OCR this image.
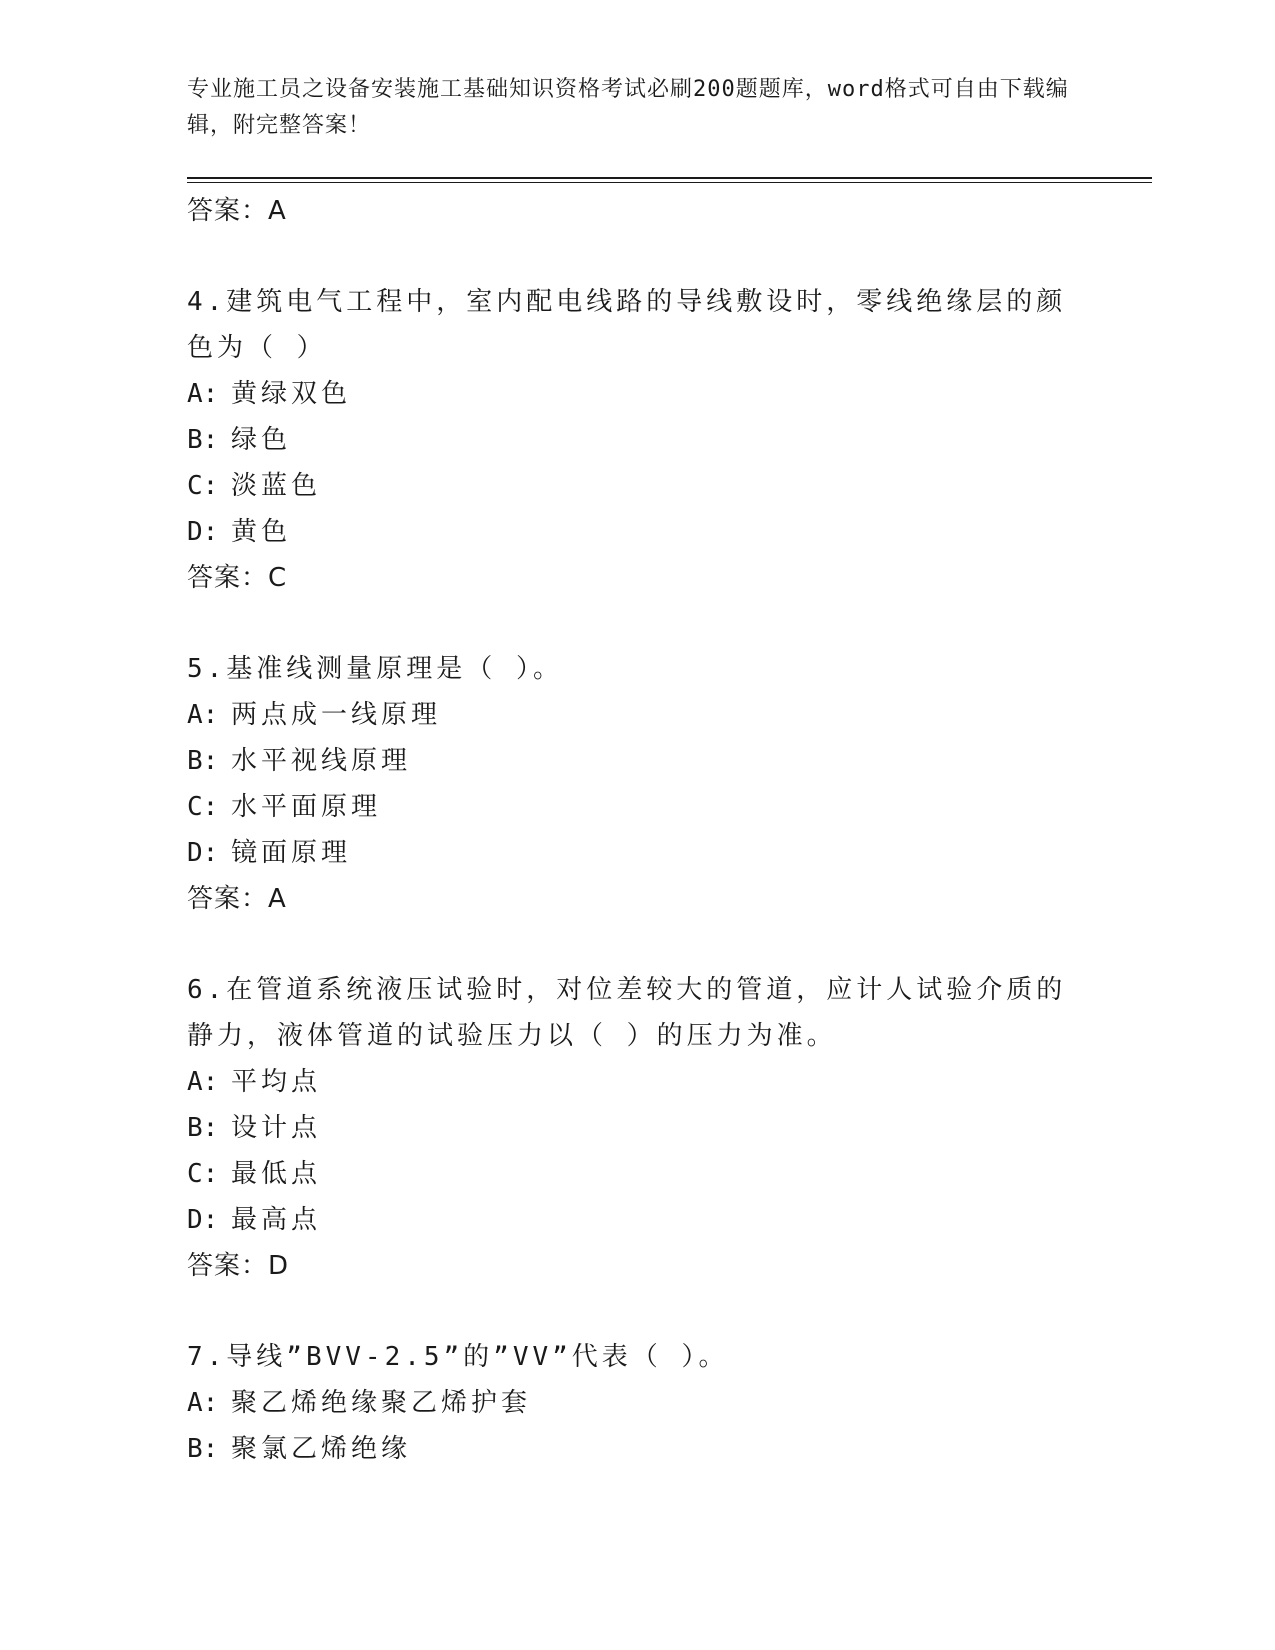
专业施工员之设备安装施工基础知识资格考试必刷200题题库，word格式可自由下载编辑，附完整答案！
答案：A
4.建筑电气工程中，室内配电线路的导线敷设时，零线绝缘层的颜色为（ ）
A: 黄绿双色
B: 绿色
C: 淡蓝色
D: 黄色
答案：C
5.基准线测量原理是（ ）。
A: 两点成一线原理
B: 水平视线原理
C: 水平面原理
D: 镜面原理
答案：A
6.在管道系统液压试验时，对位差较大的管道，应计人试验介质的静力，液体管道的试验压力以（ ）的压力为准。
A: 平均点
B: 设计点
C: 最低点
D: 最高点
答案：D
7.导线”BVV-2.5”的”VV”代表（ ）。
A: 聚乙烯绝缘聚乙烯护套
B: 聚氯乙烯绝缘
